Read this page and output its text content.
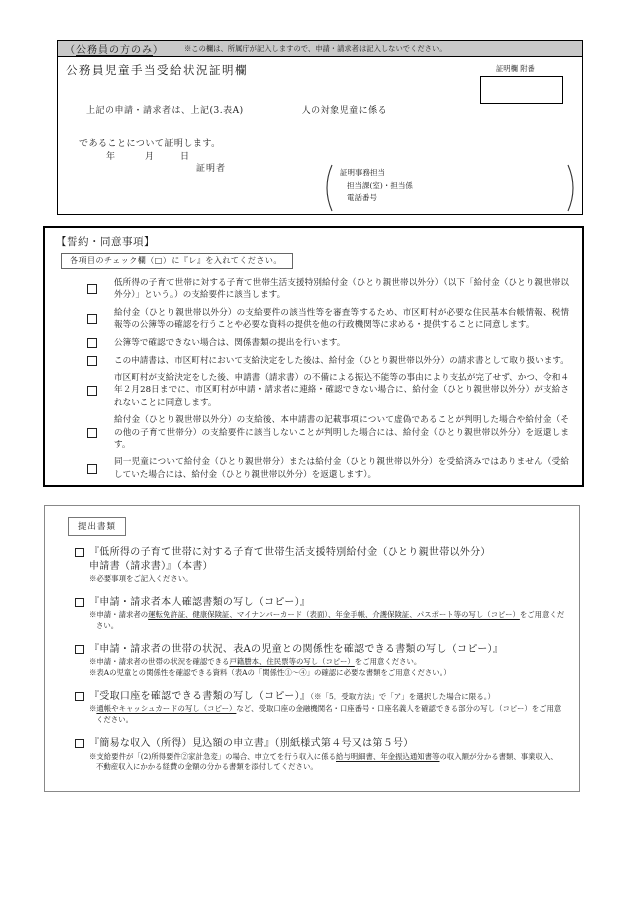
（公務員の方のみ）	※この欄は、所属庁が記入しますので、申請・請求者は記入しないでください。
公務員児童手当受給状況証明欄	証明欄 附番
上記の申請・請求者は、上記(3.表A)	人の対象児童に係る
であることについて証明します。
年	月	日
証明者	証明事務担当
担当課(室)・担当係
電話番号
【誓約・同意事項】
各項目のチェック欄（□）に『レ』を入れてください。
低所得の子育て世帯に対する子育て世帯生活支援特別給付金（ひとり親世帯以外分）（以下「給付金（ひとり親世帯以外分）」という。）の支給要件に該当します。
給付金（ひとり親世帯以外分）の支給要件の該当性等を審査等するため、市区町村が必要な住民基本台帳情報、税情報等の公簿等の確認を行うことや必要な資料の提供を他の行政機関等に求める・提供することに同意します。
公簿等で確認できない場合は、関係書類の提出を行います。
この申請書は、市区町村において支給決定をした後は、給付金（ひとり親世帯以外分）の請求書として取り扱います。
市区町村が支給決定をした後、申請書（請求書）の不備による振込不能等の事由により支払が完了せず、かつ、令和４年２月28日までに、市区町村が申請・請求者に連絡・確認できない場合に、給付金（ひとり親世帯以外分）が支給されないことに同意します。
給付金（ひとり親世帯以外分）の支給後、本申請書の記載事項について虚偽であることが判明した場合や給付金（その他の子育て世帯分）の支給要件に該当しないことが判明した場合には、給付金（ひとり親世帯以外分）を返還します。
同一児童について給付金（ひとり親世帯分）または給付金（ひとり親世帯以外分）を受給済みではありません（受給していた場合には、給付金（ひとり親世帯以外分）を返還します）。
提出書類
『低所得の子育て世帯に対する子育て世帯生活支援特別給付金（ひとり親世帯以外分）
申請書（請求書）』（本書）
※必要事項をご記入ください。
『申請・請求者本人確認書類の写し（コピー）』
※申請・請求者の運転免許証、健康保険証、マイナンバーカード（表面）、年金手帳、介護保険証、パスポート等の写し（コピー）をご用意ください。
『申請・請求者の世帯の状況、表Aの児童との関係性を確認できる書類の写し（コピー）』
※申請・請求者の世帯の状況を確認できる戸籍謄本、住民票等の写し（コピー）をご用意ください。
※表Aの児童との関係性を確認できる資料（表Aの「関係性①～④」の確認に必要な書類をご用意ください。）
『受取口座を確認できる書類の写し（コピー）』（※「5．受取方法」で「ア」を選択した場合に限る。）
※通帳やキャッシュカードの写し（コピー）など、受取口座の金融機関名・口座番号・口座名義人を確認できる部分の写し（コピー）をご用意ください。
『簡易な収入（所得）見込額の申立書』（別紙様式第４号又は第５号）
※支給要件が「(2)所得要件②家計急変」の場合、申立てを行う収入に係る給与明細書、年金振込通知書等の収入額が分かる書類、事業収入、不動産収入にかかる経費の金額の分かる書類を添付してください。
